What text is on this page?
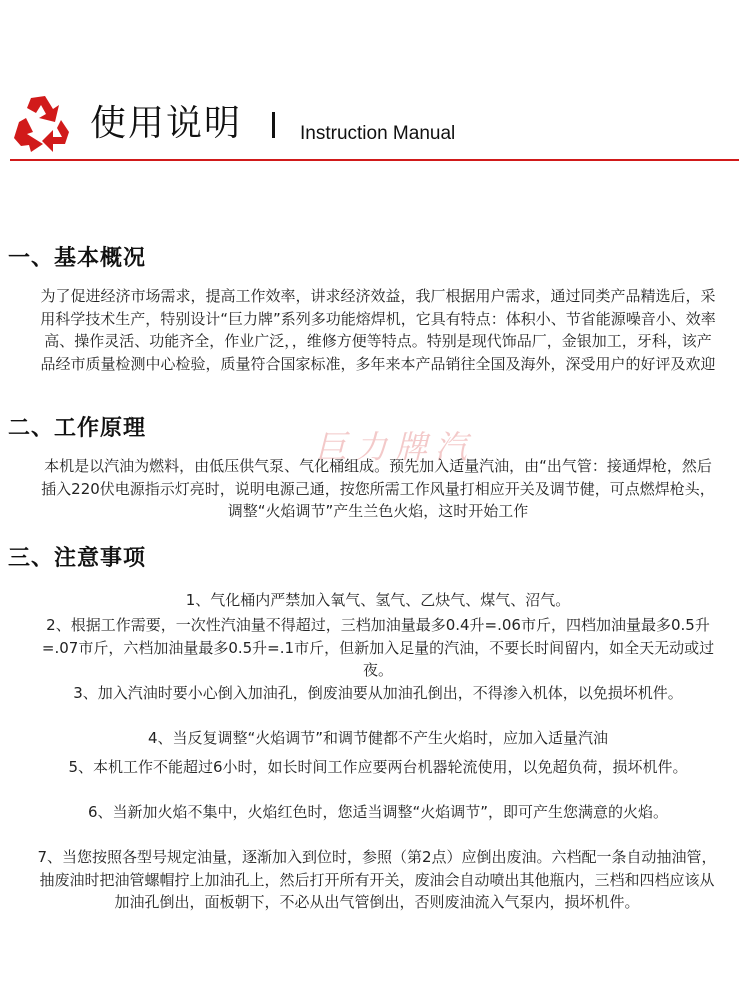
使用说明	Instruction Manual
巨力牌汽
一、基本概况
为了促进经济市场需求，提高工作效率，讲求经济效益，我厂根据用户需求，通过同类产品精选后，采用科学技术生产，特别设计“巨力牌”系列多功能熔焊机，它具有特点：体积小、节省能源噪音小、效率高、操作灵活、功能齐全，作业广泛，，维修方便等特点。特别是现代饰品厂，金银加工，牙科，该产品经市质量检测中心检验，质量符合国家标准，多年来本产品销往全国及海外，深受用户的好评及欢迎
二、工作原理
本机是以汽油为燃料，由低压供气泵、气化桶组成。预先加入适量汽油，由“出气管：接通焊枪，然后插入220伏电源指示灯亮时，说明电源己通，按您所需工作风量打相应开关及调节健，可点燃焊枪头，调整“火焰调节”产生兰色火焰，这时开始工作
三、注意事项
1、气化桶内严禁加入氧气、氢气、乙炔气、煤气、沼气。
2、根据工作需要，一次性汽油量不得超过，三档加油量最多0.4升=.06市斤，四档加油量最多0.5升=.07市斤，六档加油量最多0.5升=.1市斤，但新加入足量的汽油，不要长时间留内，如全天无动或过夜。
3、加入汽油时要小心倒入加油孔，倒废油要从加油孔倒出，不得渗入机体，以免损坏机件。
4、当反复调整“火焰调节”和调节健都不产生火焰时，应加入适量汽油
5、本机工作不能超过6小时，如长时间工作应要两台机器轮流使用，以免超负荷，损坏机件。
6、当新加火焰不集中，火焰红色时，您适当调整“火焰调节”，即可产生您满意的火焰。
7、当您按照各型号规定油量，逐渐加入到位时，参照（第2点）应倒出废油。六档配一条自动抽油管，抽废油时把油管螺帽拧上加油孔上，然后打开所有开关，废油会自动喷出其他瓶内，三档和四档应该从加油孔倒出，面板朝下，不必从出气管倒出，否则废油流入气泵内，损坏机件。
